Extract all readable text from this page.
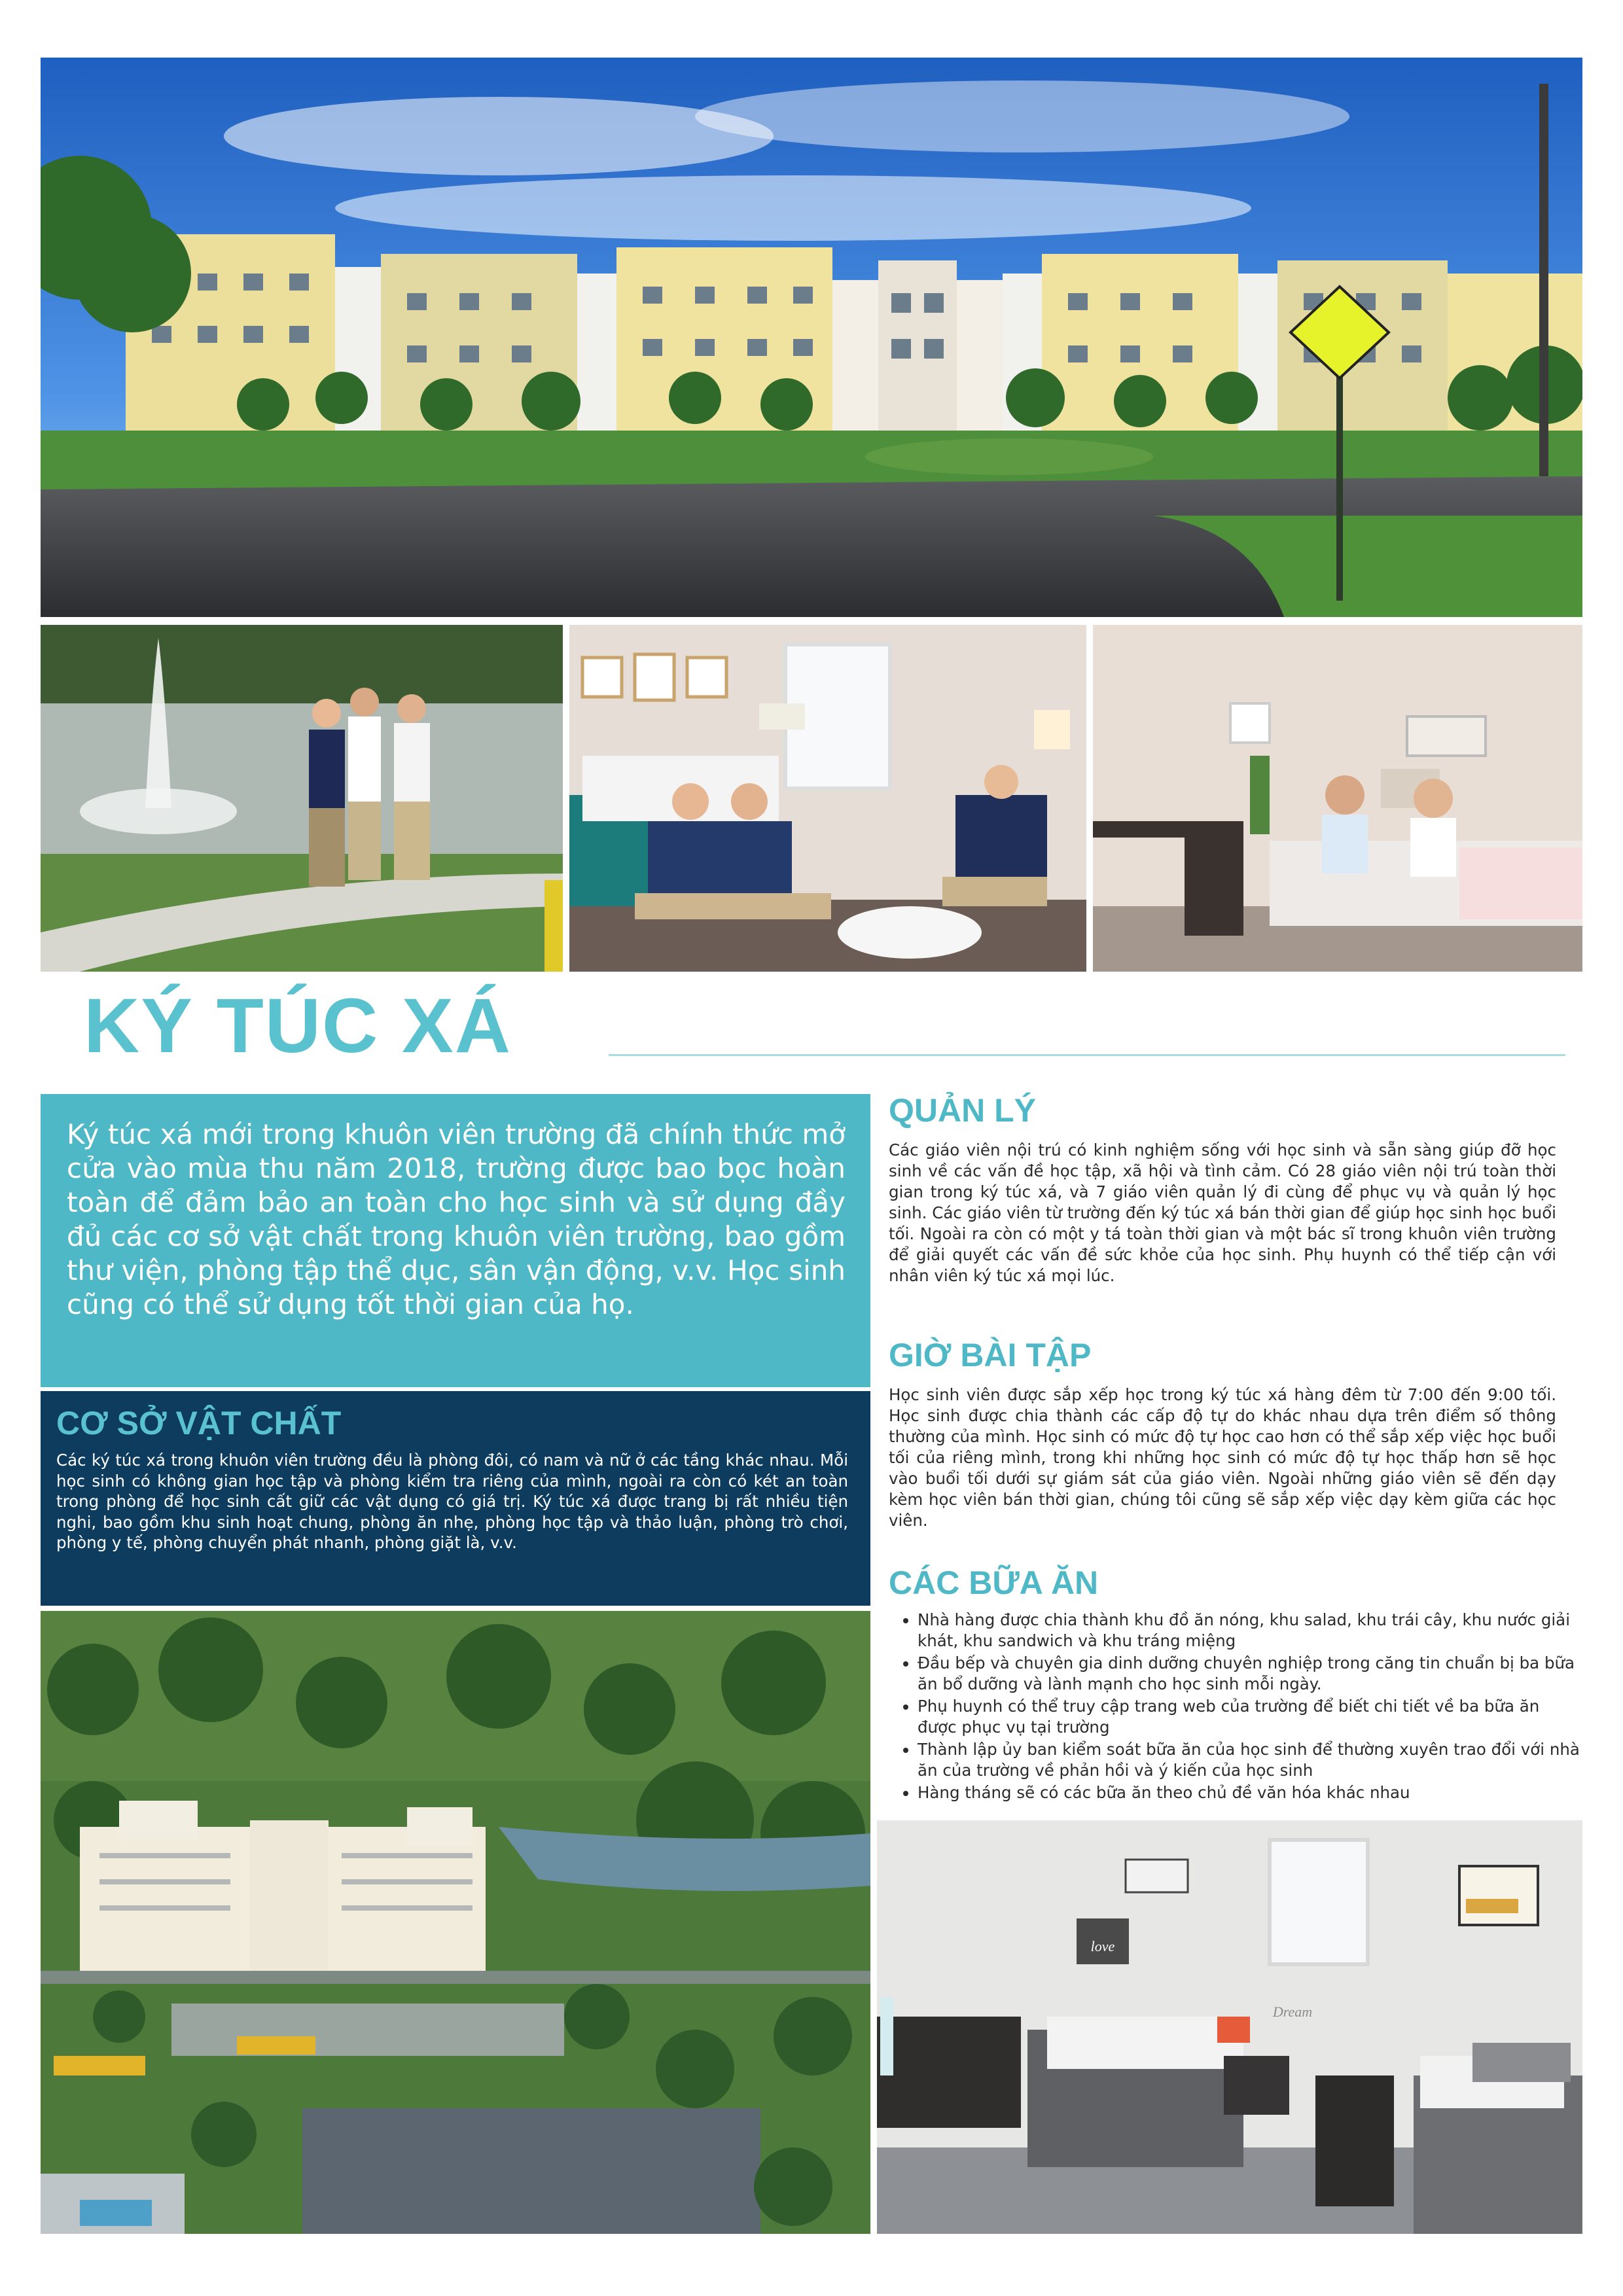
KÝ TÚC XÁ
Ký túc xá mới trong khuôn viên trường đã chính thức mở cửa vào mùa thu năm 2018, trường được bao bọc hoàn toàn để đảm bảo an toàn cho học sinh và sử dụng đầy đủ các cơ sở vật chất trong khuôn viên trường, bao gồm thư viện, phòng tập thể dục, sân vận động, v.v. Học sinh cũng có thể sử dụng tốt thời gian của họ.
CƠ SỞ VẬT CHẤT
Các ký túc xá trong khuôn viên trường đều là phòng đôi, có nam và nữ ở các tầng khác nhau. Mỗi học sinh có không gian học tập và phòng kiểm tra riêng của mình, ngoài ra còn có két an toàn trong phòng để học sinh cất giữ các vật dụng có giá trị. Ký túc xá được trang bị rất nhiều tiện nghi, bao gồm khu sinh hoạt chung, phòng ăn nhẹ, phòng học tập và thảo luận, phòng trò chơi, phòng y tế, phòng chuyển phát nhanh, phòng giặt là, v.v.
QUẢN LÝ
Các giáo viên nội trú có kinh nghiệm sống với học sinh và sẵn sàng giúp đỡ học sinh về các vấn đề học tập, xã hội và tình cảm. Có 28 giáo viên nội trú toàn thời gian trong ký túc xá, và 7 giáo viên quản lý đi cùng để phục vụ và quản lý học sinh. Các giáo viên từ trường đến ký túc xá bán thời gian để giúp học sinh học buổi tối. Ngoài ra còn có một y tá toàn thời gian và một bác sĩ trong khuôn viên trường để giải quyết các vấn đề sức khỏe của học sinh. Phụ huynh có thể tiếp cận với nhân viên ký túc xá mọi lúc.
GIỜ BÀI TẬP
Học sinh viên được sắp xếp học trong ký túc xá hàng đêm từ 7:00 đến 9:00 tối. Học sinh được chia thành các cấp độ tự do khác nhau dựa trên điểm số thông thường của mình. Học sinh có mức độ tự học cao hơn có thể sắp xếp việc học buổi tối của riêng mình, trong khi những học sinh có mức độ tự học thấp hơn sẽ học vào buổi tối dưới sự giám sát của giáo viên. Ngoài những giáo viên sẽ đến dạy kèm học viên bán thời gian, chúng tôi cũng sẽ sắp xếp việc dạy kèm giữa các học viên.
CÁC BỮA ĂN
• Nhà hàng được chia thành khu đồ ăn nóng, khu salad, khu trái cây, khu nước giải khát, khu sandwich và khu tráng miệng
• Đầu bếp và chuyên gia dinh dưỡng chuyên nghiệp trong căng tin chuẩn bị ba bữa ăn bổ dưỡng và lành mạnh cho học sinh mỗi ngày.
• Phụ huynh có thể truy cập trang web của trường để biết chi tiết về ba bữa ăn được phục vụ tại trường
• Thành lập ủy ban kiểm soát bữa ăn của học sinh để thường xuyên trao đổi với nhà ăn của trường về phản hồi và ý kiến của học sinh
• Hàng tháng sẽ có các bữa ăn theo chủ đề văn hóa khác nhau
love
Dream
